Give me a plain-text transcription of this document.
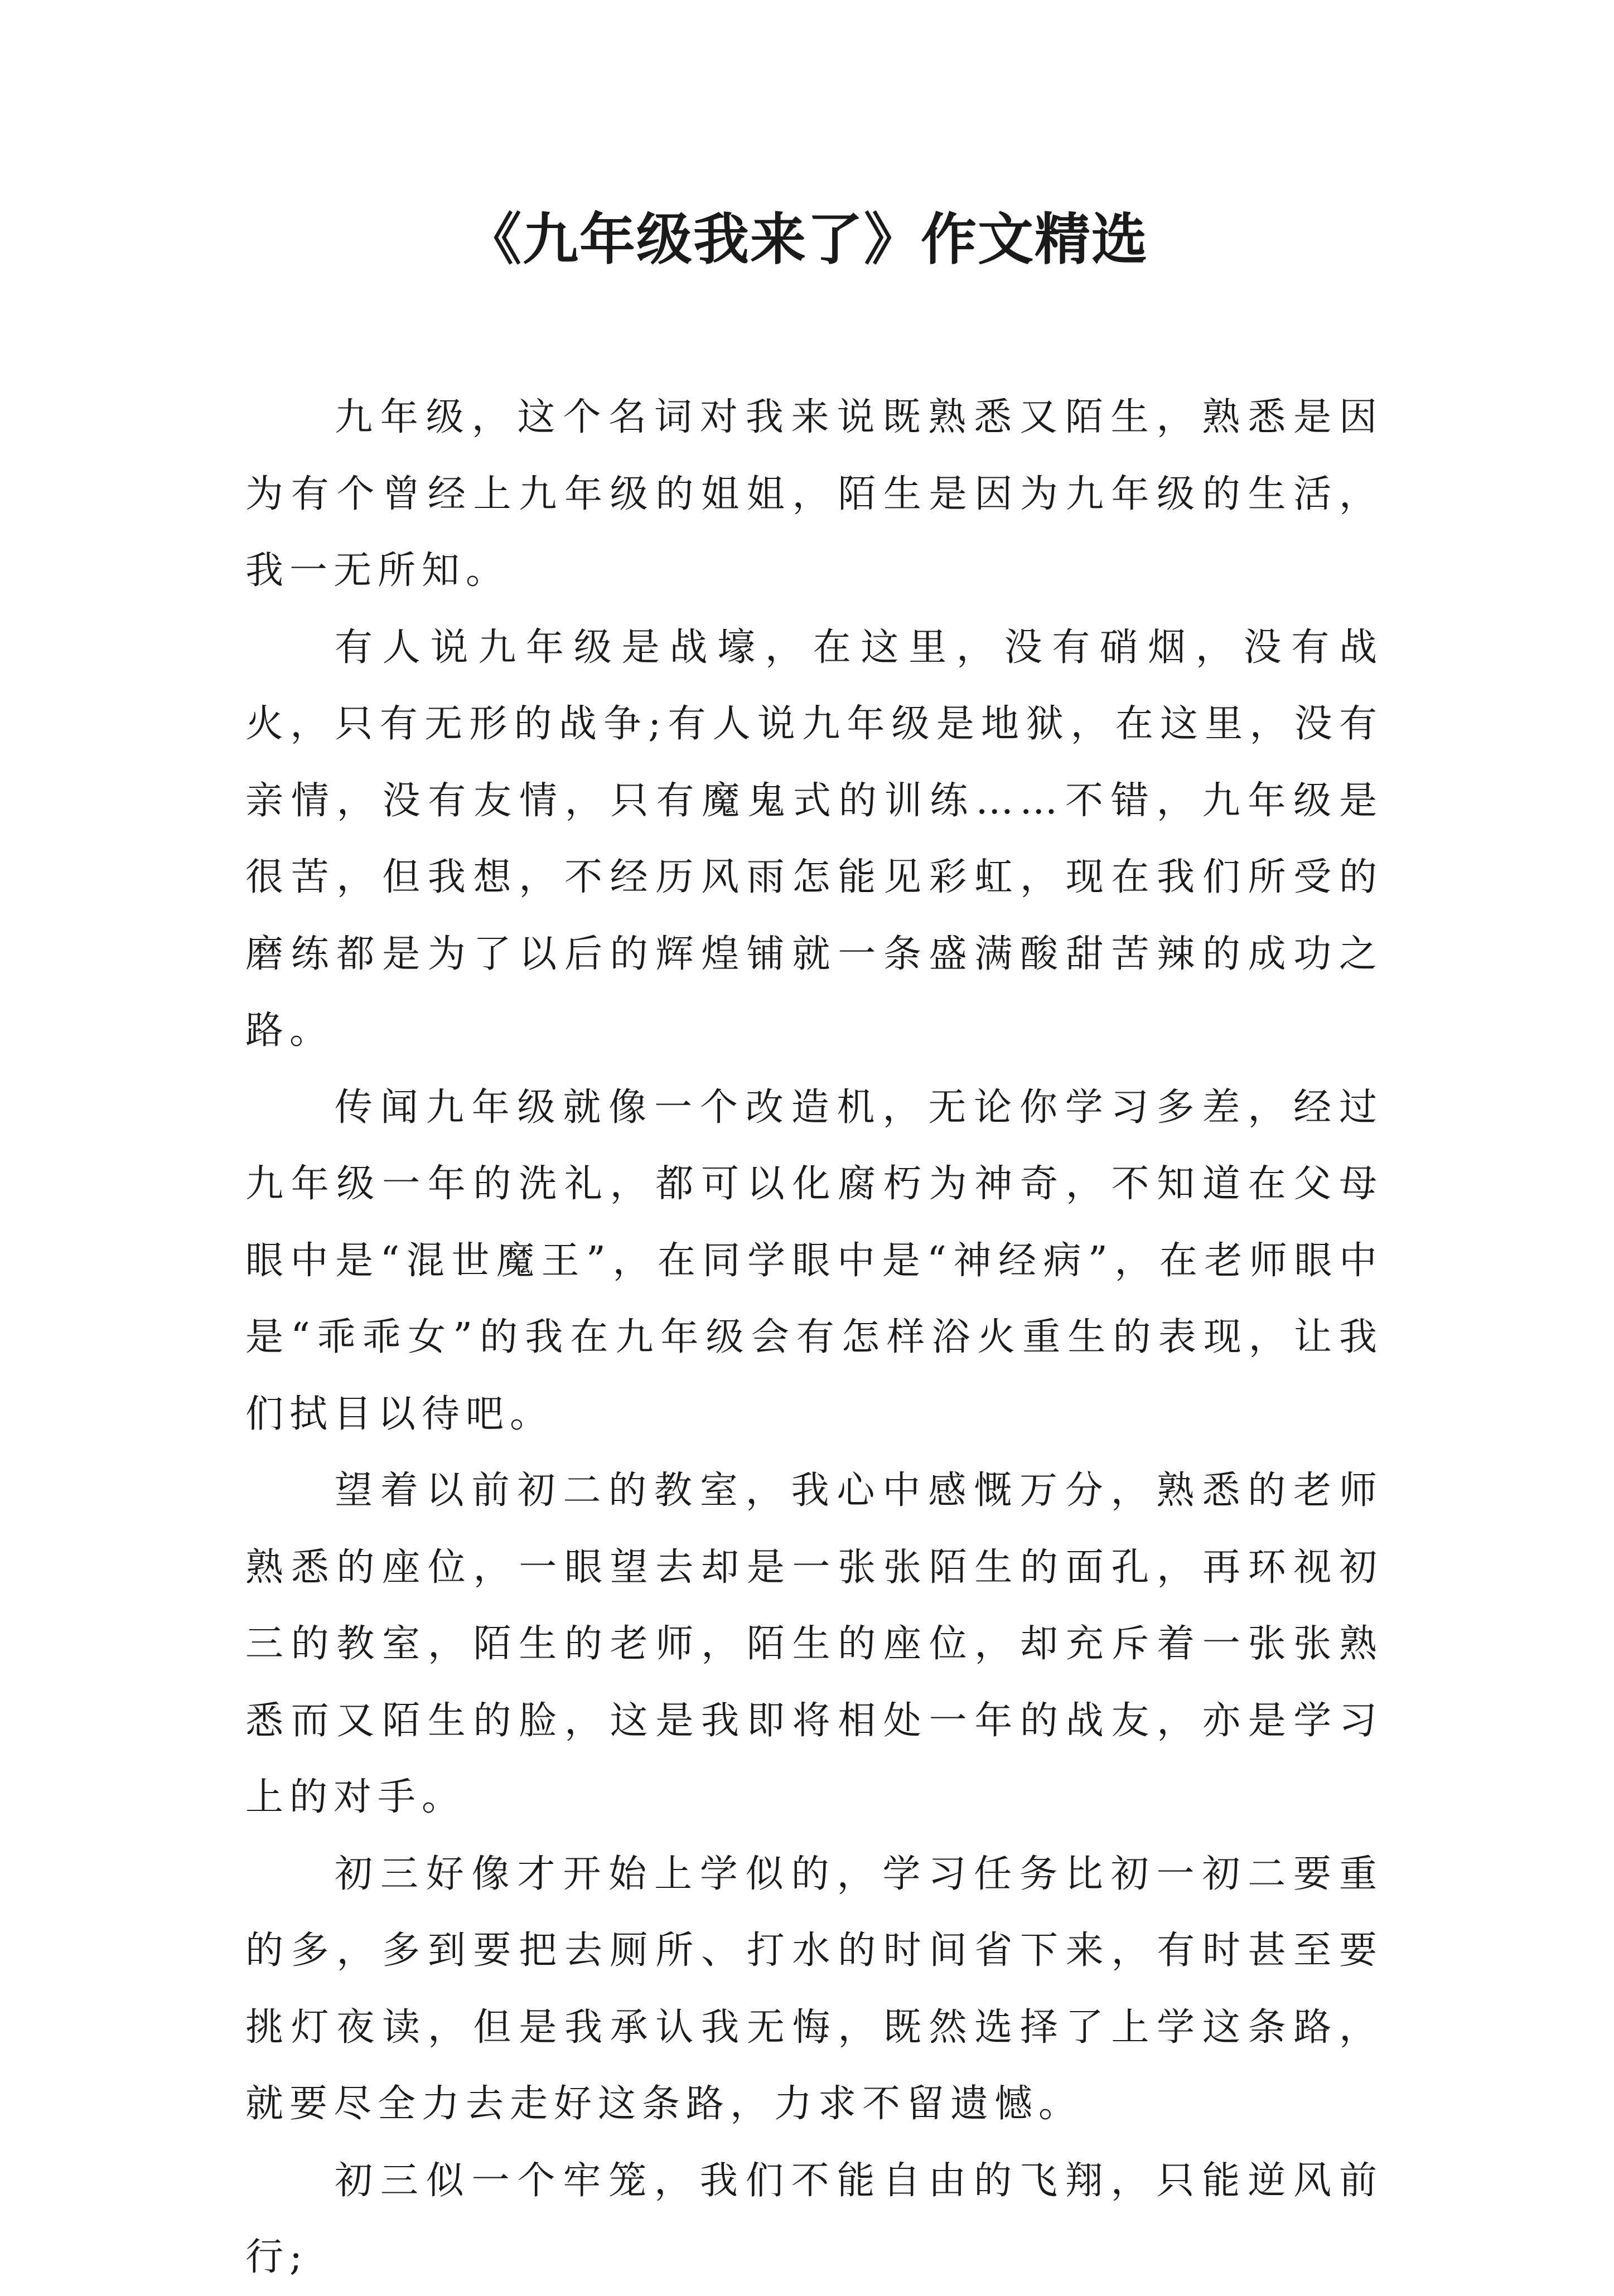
《九年级我来了》作文精选

九年级，这个名词对我来说既熟悉又陌生，熟悉是因为有个曾经上九年级的姐姐，陌生是因为九年级的生活，我一无所知。

有人说九年级是战壕，在这里，没有硝烟，没有战火，只有无形的战争;有人说九年级是地狱，在这里，没有亲情，没有友情，只有魔鬼式的训练……不错，九年级是很苦，但我想，不经历风雨怎能见彩虹，现在我们所受的磨练都是为了以后的辉煌铺就一条盛满酸甜苦辣的成功之路。

传闻九年级就像一个改造机，无论你学习多差，经过九年级一年的洗礼，都可以化腐朽为神奇，不知道在父母眼中是“混世魔王”，在同学眼中是“神经病”，在老师眼中是“乖乖女”的我在九年级会有怎样浴火重生的表现，让我们拭目以待吧。

望着以前初二的教室，我心中感慨万分，熟悉的老师熟悉的座位，一眼望去却是一张张陌生的面孔，再环视初三的教室，陌生的老师，陌生的座位，却充斥着一张张熟悉而又陌生的脸，这是我即将相处一年的战友，亦是学习上的对手。

初三好像才开始上学似的，学习任务比初一初二要重的多，多到要把去厕所、打水的时间省下来，有时甚至要挑灯夜读，但是我承认我无悔，既然选择了上学这条路，就要尽全力去走好这条路，力求不留遗憾。

初三似一个牢笼，我们不能自由的飞翔，只能逆风前行;
